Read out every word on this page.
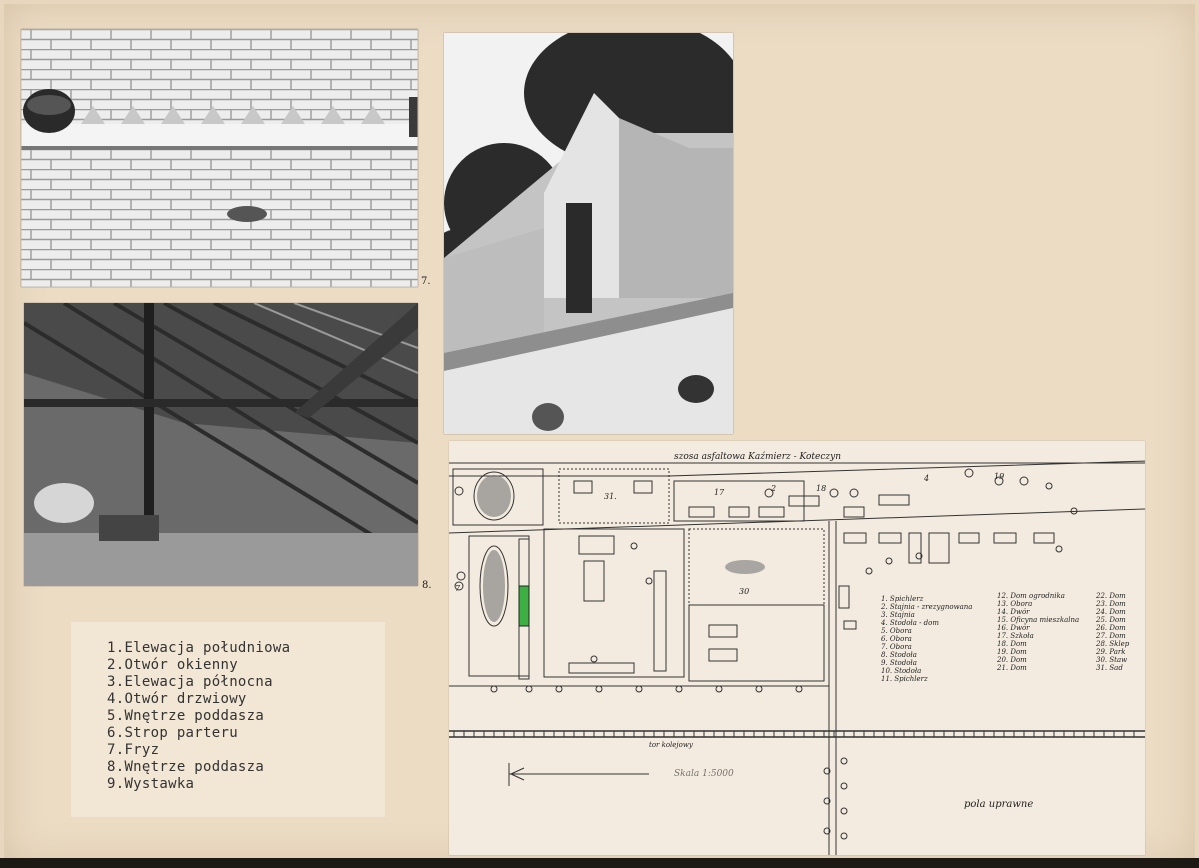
7.
8.
1.Elewacja południowa
2.Otwór okienny
3.Elewacja północna
4.Otwór drzwiowy
5.Wnętrze poddasza
6.Strop parteru
7.Fryz
8.Wnętrze poddasza
9.Wystawka
szosa asfaltowa Kaźmierz - Koteczyn
tor kolejowy
Skala 1:5000
pola uprawne
31.	17	2	18
4	19
30
7
1. Spichlerz
2. Stajnia - zrezygnowana
3. Stajnia
4. Stodoła - dom
5. Obora
6. Obora
7. Obora
8. Stodoła
9. Stodoła
10. Stodoła
11. Spichlerz
12. Dom ogrodnika
13. Obora
14. Dwór
15. Oficyna mieszkalna
16. Dwór
17. Szkoła
18. Dom
19. Dom
20. Dom
21. Dom
22. Dom
23. Dom
24. Dom
25. Dom
26. Dom
27. Dom
28. Sklep
29. Park
30. Staw
31. Sad
